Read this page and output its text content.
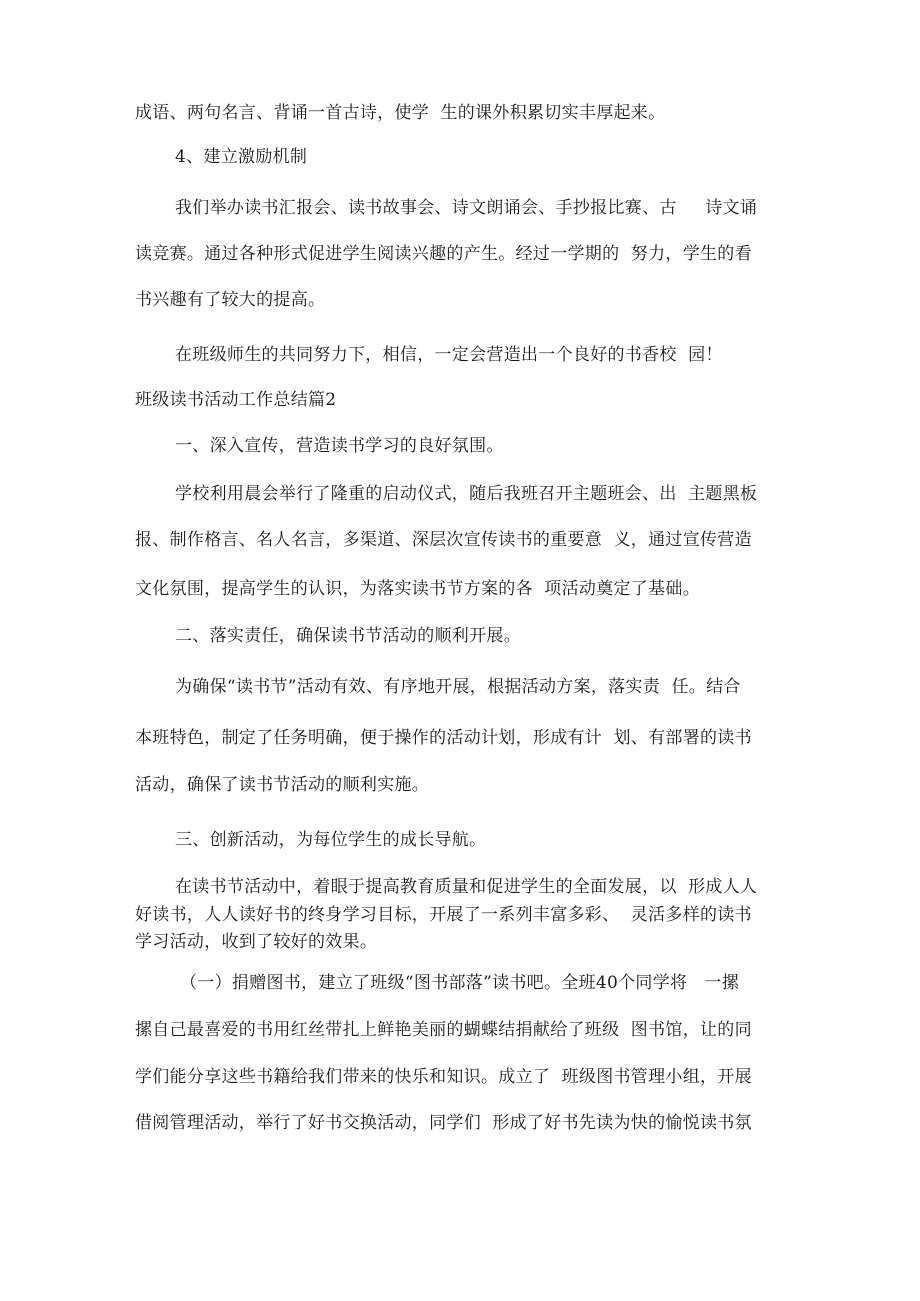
成语、两句名言、背诵一首古诗，使学  生的课外积累切实丰厚起来。
4、建立激励机制
我们举办读书汇报会、读书故事会、诗文朗诵会、手抄报比赛、古     诗文诵
读竞赛。通过各种形式促进学生阅读兴趣的产生。经过一学期的  努力，学生的看
书兴趣有了较大的提高。
在班级师生的共同努力下，相信，一定会营造出一个良好的书香校  园！
班级读书活动工作总结篇2
一、深入宣传，营造读书学习的良好氛围。
学校利用晨会举行了隆重的启动仪式，随后我班召开主题班会、出  主题黑板
报、制作格言、名人名言，多渠道、深层次宣传读书的重要意  义，通过宣传营造
文化氛围，提高学生的认识，为落实读书节方案的各  项活动奠定了基础。
二、落实责任，确保读书节活动的顺利开展。
为确保“读书节”活动有效、有序地开展，根据活动方案，落实责  任。结合
本班特色，制定了任务明确，便于操作的活动计划，形成有计  划、有部署的读书
活动，确保了读书节活动的顺利实施。
三、创新活动，为每位学生的成长导航。
在读书节活动中，着眼于提高教育质量和促进学生的全面发展，以  形成人人
好读书，人人读好书的终身学习目标，开展了一系列丰富多彩、  灵活多样的读书
学习活动，收到了较好的效果。
（一）捐赠图书，建立了班级“图书部落”读书吧。全班40个同学将   一摞
摞自己最喜爱的书用红丝带扎上鲜艳美丽的蝴蝶结捐献给了班级  图书馆，让的同
学们能分享这些书籍给我们带来的快乐和知识。成立了  班级图书管理小组，开展
借阅管理活动，举行了好书交换活动，同学们  形成了好书先读为快的愉悦读书氛
